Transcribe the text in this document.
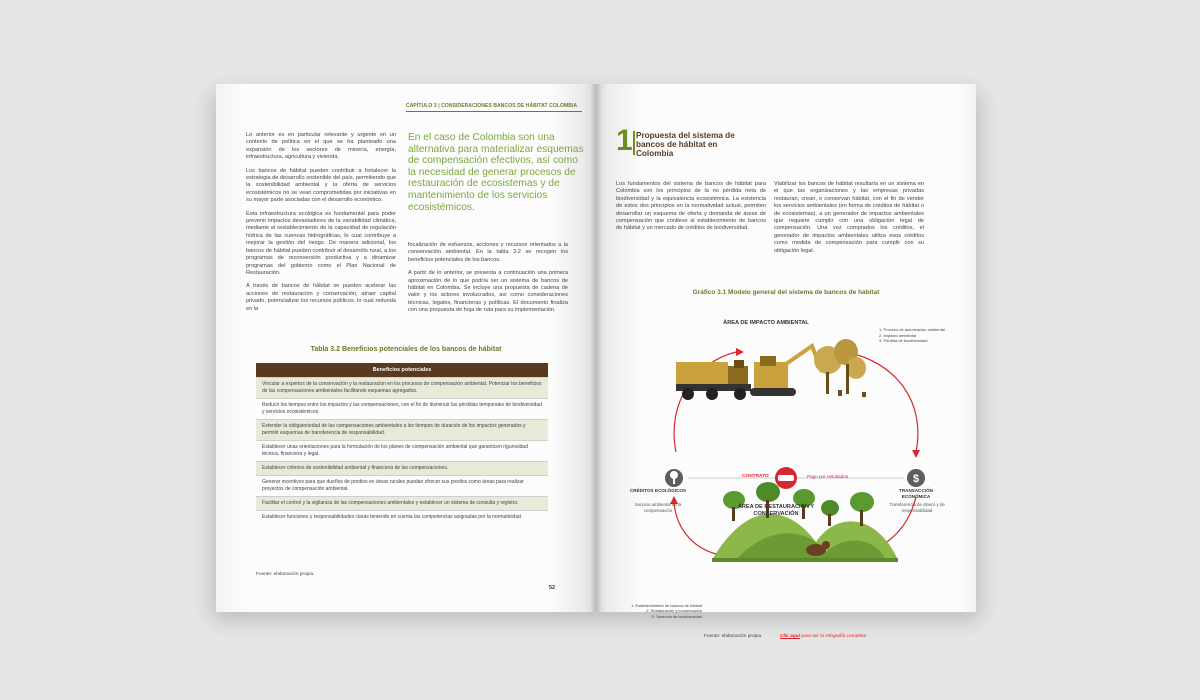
CAPÍTULO 3 | CONSIDERACIONES BANCOS DE HÁBITAT COLOMBIA

Lo anterior es en particular relevante y urgente en un contexto de política en el que se ha planteado una expansión de los sectores de minería, energía, infraestructura, agricultura y vivienda.

Los bancos de hábitat pueden contribuir a fortalecer la estrategia de desarrollo sostenible del país, permitiendo que la sostenibilidad ambiental y la oferta de servicios ecosistémicos no se vean comprometidas por iniciativas en su mayor parte asociadas con el desarrollo económico.

Esta infraestructura ecológica es fundamental para poder prevenir impactos devastadores de la variabilidad climática, mediante el restablecimiento de la capacidad de regulación hídrica de las cuencas hidrográficas, lo cual contribuye a mejorar la gestión del riesgo. De manera adicional, los bancos de hábitat pueden contribuir al desarrollo rural, a los programas de reconversión productiva y a dinamizar programas del gobierno como el Plan Nacional de Restauración.

A través de bancos de hábitat se pueden acelerar las acciones de restauración y conservación, atraer capital privado, potencializar los recursos públicos, lo cual redunda en la

En el caso de Colombia son una alternativa para materializar esquemas de compensación efectivos, así como la necesidad de generar procesos de restauración de ecosistemas y de mantenimiento de los servicios ecosistémicos.

focalización de esfuerzos, acciones y recursos orientados a la conservación ambiental. En la tabla 3.2 se recogen los beneficios potenciales de los bancos.

A partir de lo anterior, se presenta a continuación una primera aproximación de lo que podría ser un sistema de bancos de hábitat en Colombia. Se incluye una propuesta de cadena de valor y los actores involucrados, así como consideraciones técnicas, legales, financieras y políticas. El documento finaliza con una propuesta de hoja de ruta para su implementación.

Tabla 3.2 Beneficios potenciales de los bancos de hábitat
Beneficios potenciales
Vincular a expertos de la conservación y la restauración en los procesos de compensación ambiental. Potenciar los beneficios de las compensaciones ambientales facilitando esquemas agregados.
Reducir los tiempos entre los impactos y las compensaciones, con el fin de disminuir las pérdidas temporales de biodiversidad y servicios ecosistémicos.
Extender la obligatoriedad de las compensaciones ambientales a los tiempos de duración de los impactos generados y permitir esquemas de transferencia de responsabilidad.
Establecer unas orientaciones para la formulación de los planes de compensación ambiental que garanticen rigurosidad técnica, financiera y legal.
Establecer criterios de sostenibilidad ambiental y financiera de las compensaciones.
Generar incentivos para que dueños de predios en áreas rurales puedan ofrecer sus predios como áreas para realizar proyectos de compensación ambiental.
Facilitar el control y la vigilancia de las compensaciones ambientales y establecer un sistema de consulta y registro.
Establecer funciones y responsabilidades claras teniendo en cuenta las competencias asignadas por la normatividad.
Fuente: elaboración propia.
52
1 Propuesta del sistema de bancos de hábitat en Colombia
Los fundamentos del sistema de bancos de hábitat para Colombia son los principios de la no pérdida neta de biodiversidad y la equivalencia ecosistémica. La existencia de estos dos principios en la normatividad actual, permiten desarrollar un esquema de oferta y demanda de áreas de compensación que conlleve al establecimiento de bancos de hábitat y un mercado de créditos de biodiversidad.
Viabilizar los bancos de hábitat resultaría en un sistema en el que las organizaciones y las empresas privadas restauran, crean, o conservan hábitat, con el fin de vender los servicios ambientales (en forma de créditos de hábitat o de ecosistemas), a un generador de impactos ambientales que requiere cumplir con una obligación legal de compensación. Una vez comprados los créditos, el generador de impactos ambientales utiliza esos créditos como medida de compensación para cumplir con su obligación legal.
Gráfico 3.1 Modelo general del sistema de bancos de hábitat
$
ÁREA DE IMPACTO AMBIENTAL
1. Proceso de autorización ambiental
2. Impacto ambiental
3. Pérdida de biodiversidad
CRÉDITOS ECOLÓGICOS
Servicio ambiental de la compensación
TRANSACCIÓN ECONÓMICA
Transferencia de dinero y de responsabilidad
CONTRATO	Pago por resultados
ÁREA DE RESTAURACIÓN Y CONSERVACIÓN
1. Establecimiento de bancos de hábitat
2. Restauración y conservación
3. Tenencia de biodiversidad
Fuente: elaboración propia.	Clic aquí para ver la infografía completa
